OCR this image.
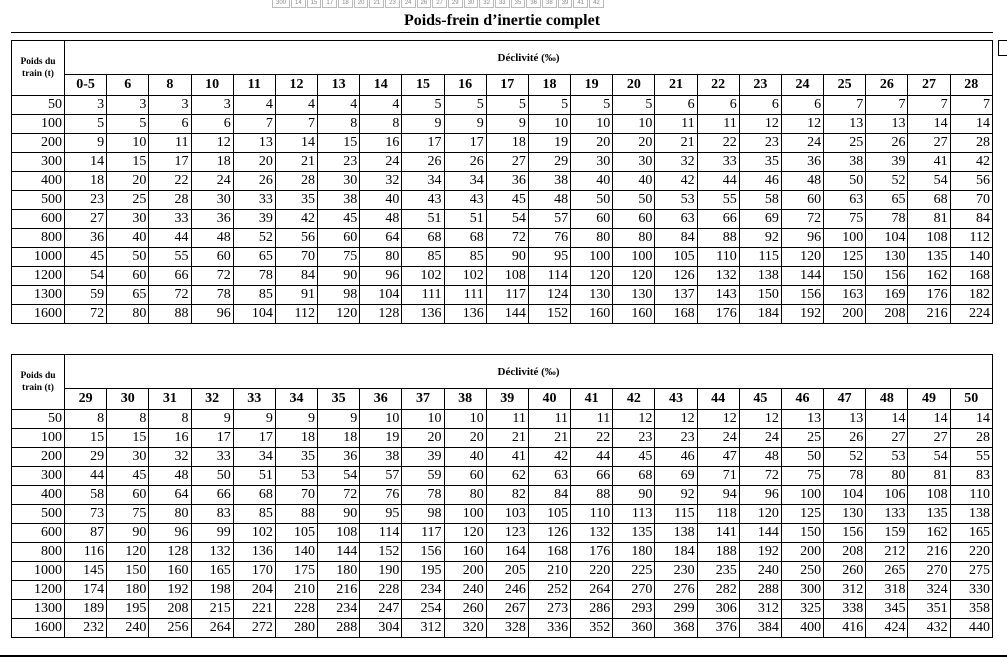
300	14	15	17	18	20	21	23	24	26	27	29	30	32	33	35	36	38	39	41	42
Poids-frein d’inertie complet
Poids du train (t)	Déclivité (‰)																					
	0-5	6	8	10	11	12	13	14	15	16	17	18	19	20	21	22	23	24	25	26	27	28
50	3	3	3	3	4	4	4	4	5	5	5	5	5	5	6	6	6	6	7	7	7	7
100	5	5	6	6	7	7	8	8	9	9	9	10	10	10	11	11	12	12	13	13	14	14
200	9	10	11	12	13	14	15	16	17	17	18	19	20	20	21	22	23	24	25	26	27	28
300	14	15	17	18	20	21	23	24	26	26	27	29	30	30	32	33	35	36	38	39	41	42
400	18	20	22	24	26	28	30	32	34	34	36	38	40	40	42	44	46	48	50	52	54	56
500	23	25	28	30	33	35	38	40	43	43	45	48	50	50	53	55	58	60	63	65	68	70
600	27	30	33	36	39	42	45	48	51	51	54	57	60	60	63	66	69	72	75	78	81	84
800	36	40	44	48	52	56	60	64	68	68	72	76	80	80	84	88	92	96	100	104	108	112
1000	45	50	55	60	65	70	75	80	85	85	90	95	100	100	105	110	115	120	125	130	135	140
1200	54	60	66	72	78	84	90	96	102	102	108	114	120	120	126	132	138	144	150	156	162	168
1300	59	65	72	78	85	91	98	104	111	111	117	124	130	130	137	143	150	156	163	169	176	182
1600	72	80	88	96	104	112	120	128	136	136	144	152	160	160	168	176	184	192	200	208	216	224
Poids du train (t)	Déclivité (‰)																					
	29	30	31	32	33	34	35	36	37	38	39	40	41	42	43	44	45	46	47	48	49	50
50	8	8	8	9	9	9	9	10	10	10	11	11	11	12	12	12	12	13	13	14	14	14
100	15	15	16	17	17	18	18	19	20	20	21	21	22	23	23	24	24	25	26	27	27	28
200	29	30	32	33	34	35	36	38	39	40	41	42	44	45	46	47	48	50	52	53	54	55
300	44	45	48	50	51	53	54	57	59	60	62	63	66	68	69	71	72	75	78	80	81	83
400	58	60	64	66	68	70	72	76	78	80	82	84	88	90	92	94	96	100	104	106	108	110
500	73	75	80	83	85	88	90	95	98	100	103	105	110	113	115	118	120	125	130	133	135	138
600	87	90	96	99	102	105	108	114	117	120	123	126	132	135	138	141	144	150	156	159	162	165
800	116	120	128	132	136	140	144	152	156	160	164	168	176	180	184	188	192	200	208	212	216	220
1000	145	150	160	165	170	175	180	190	195	200	205	210	220	225	230	235	240	250	260	265	270	275
1200	174	180	192	198	204	210	216	228	234	240	246	252	264	270	276	282	288	300	312	318	324	330
1300	189	195	208	215	221	228	234	247	254	260	267	273	286	293	299	306	312	325	338	345	351	358
1600	232	240	256	264	272	280	288	304	312	320	328	336	352	360	368	376	384	400	416	424	432	440
